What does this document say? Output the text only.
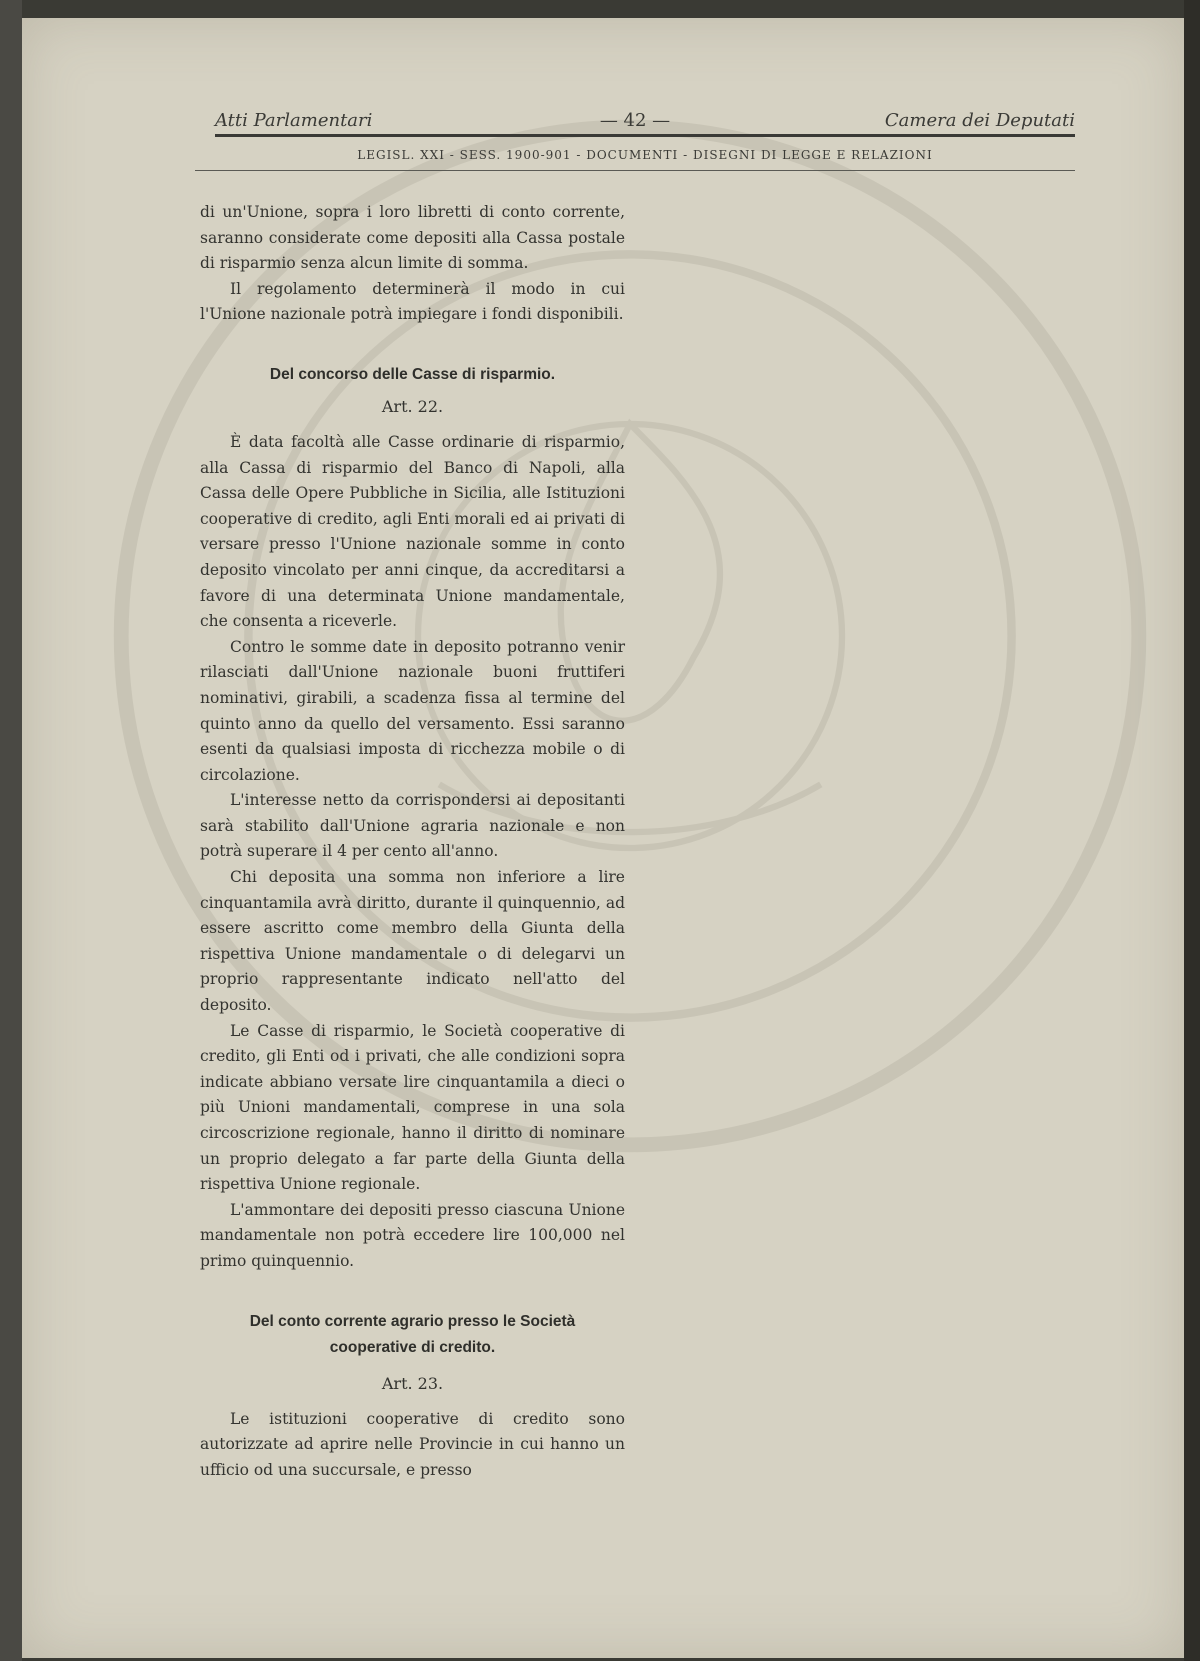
Atti Parlamentari	— 42 —	Camera dei Deputati
LEGISL. XXI - SESS. 1900-901 - DOCUMENTI - DISEGNI DI LEGGE E RELAZIONI

di un'Unione, sopra i loro libretti di conto corrente, saranno considerate come depositi alla Cassa postale di risparmio senza alcun limite di somma.

Il regolamento determinerà il modo in cui l'Unione nazionale potrà impiegare i fondi disponibili.

Del concorso delle Casse di risparmio.
Art. 22.

È data facoltà alle Casse ordinarie di risparmio, alla Cassa di risparmio del Banco di Napoli, alla Cassa delle Opere Pubbliche in Sicilia, alle Istituzioni cooperative di credito, agli Enti morali ed ai privati di versare presso l'Unione nazionale somme in conto deposito vincolato per anni cinque, da accreditarsi a favore di una determinata Unione mandamentale, che consenta a riceverle.

Contro le somme date in deposito potranno venir rilasciati dall'Unione nazionale buoni fruttiferi nominativi, girabili, a scadenza fissa al termine del quinto anno da quello del versamento. Essi saranno esenti da qualsiasi imposta di ricchezza mobile o di circolazione.

L'interesse netto da corrispondersi ai depositanti sarà stabilito dall'Unione agraria nazionale e non potrà superare il 4 per cento all'anno.

Chi deposita una somma non inferiore a lire cinquantamila avrà diritto, durante il quinquennio, ad essere ascritto come membro della Giunta della rispettiva Unione mandamentale o di delegarvi un proprio rappresentante indicato nell'atto del deposito.

Le Casse di risparmio, le Società cooperative di credito, gli Enti od i privati, che alle condizioni sopra indicate abbiano versate lire cinquantamila a dieci o più Unioni mandamentali, comprese in una sola circoscrizione regionale, hanno il diritto di nominare un proprio delegato a far parte della Giunta della rispettiva Unione regionale.

L'ammontare dei depositi presso ciascuna Unione mandamentale non potrà eccedere lire 100,000 nel primo quinquennio.

Del conto corrente agrario presso le Società
cooperative di credito.
Art. 23.

Le istituzioni cooperative di credito sono autorizzate ad aprire nelle Provincie in cui hanno un ufficio od una succursale, e presso
